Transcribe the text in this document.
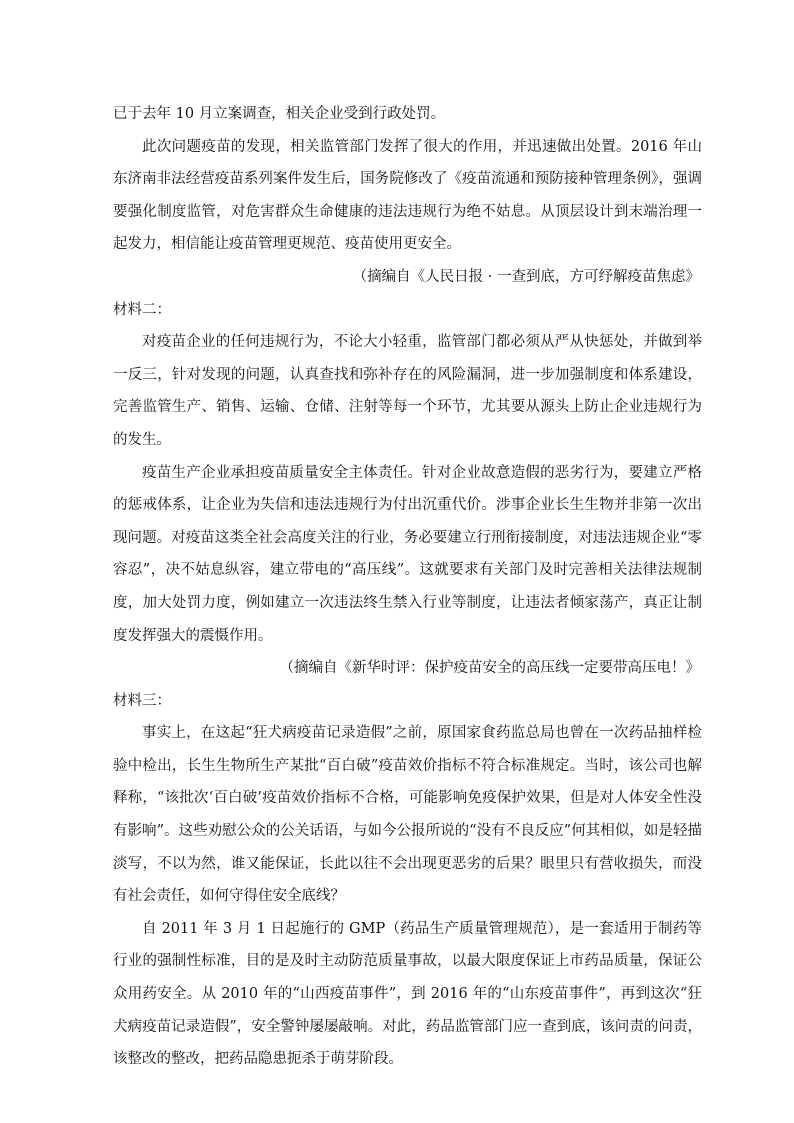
已于去年 10 月立案调查，相关企业受到行政处罚。

此次问题疫苗的发现，相关监管部门发挥了很大的作用，并迅速做出处置。2016 年山东济南非法经营疫苗系列案件发生后，国务院修改了《疫苗流通和预防接种管理条例》，强调要强化制度监管，对危害群众生命健康的违法违规行为绝不姑息。从顶层设计到末端治理一起发力，相信能让疫苗管理更规范、疫苗使用更安全。

（摘编自《人民日报 · 一查到底，方可纾解疫苗焦虑》

材料二：

对疫苗企业的任何违规行为，不论大小轻重，监管部门都必须从严从快惩处，并做到举一反三，针对发现的问题，认真查找和弥补存在的风险漏洞，进一步加强制度和体系建设，完善监管生产、销售、运输、仓储、注射等每一个环节，尤其要从源头上防止企业违规行为的发生。

疫苗生产企业承担疫苗质量安全主体责任。针对企业故意造假的恶劣行为，要建立严格的惩戒体系，让企业为失信和违法违规行为付出沉重代价。涉事企业长生生物并非第一次出现问题。对疫苗这类全社会高度关注的行业，务必要建立行刑衔接制度，对违法违规企业“零容忍”，决不姑息纵容，建立带电的“高压线”。这就要求有关部门及时完善相关法律法规制度，加大处罚力度，例如建立一次违法终生禁入行业等制度，让违法者倾家荡产，真正让制度发挥强大的震慑作用。

（摘编自《新华时评：保护疫苗安全的高压线一定要带高压电！》

材料三：

事实上，在这起“狂犬病疫苗记录造假”之前，原国家食药监总局也曾在一次药品抽样检验中检出，长生生物所生产某批“百白破”疫苗效价指标不符合标准规定。当时，该公司也解释称，“该批次‘百白破’疫苗效价指标不合格，可能影响免疫保护效果，但是对人体安全性没有影响”。这些劝慰公众的公关话语，与如今公报所说的“没有不良反应”何其相似，如是轻描淡写，不以为然，谁又能保证，长此以往不会出现更恶劣的后果？眼里只有营收损失，而没有社会责任，如何守得住安全底线？

自 2011 年 3 月 1 日起施行的 GMP（药品生产质量管理规范），是一套适用于制药等行业的强制性标准，目的是及时主动防范质量事故，以最大限度保证上市药品质量，保证公众用药安全。从 2010 年的“山西疫苗事件”，到 2016 年的“山东疫苗事件”，再到这次“狂犬病疫苗记录造假”，安全警钟屡屡敲响。对此，药品监管部门应一查到底，该问责的问责，该整改的整改，把药品隐患扼杀于萌芽阶段。
